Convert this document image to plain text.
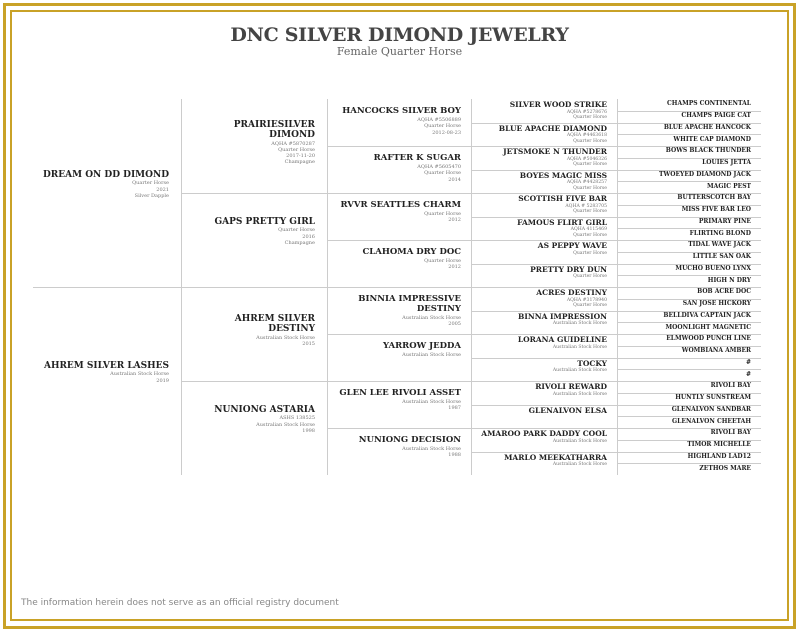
DNC SILVER DIMOND JEWELRY
Female Quarter Horse
DREAM ON DD DIMOND
Quarter Horse
2021
Silver Dapple
AHREM SILVER LASHES
Australian Stock Horse
2019
PRAIRIESILVER DIMOND
AQHA #5870287
Quarter Horse
2017-11-20
Champagne
GAPS PRETTY GIRL
Quarter Horse
2016
Champagne
AHREM SILVER DESTINY
Australian Stock Horse
2015
NUNIONG ASTARIA
ASHS 138525
Australian Stock Horse
1998
HANCOCKS SILVER BOY
AQHA #5506889
Quarter Horse
2012-08-23
RAFTER K SUGAR
AQHA #5605470
Quarter Horse
2014
RVVR SEATTLES CHARM
Quarter Horse
2012
CLAHOMA DRY DOC
Quarter Horse
2012
BINNIA IMPRESSIVE DESTINY
Australian Stock Horse
2005
YARROW JEDDA
Australian Stock Horse
GLEN LEE RIVOLI ASSET
Australian Stock Horse
1987
NUNIONG DECISION
Australian Stock Horse
1988
SILVER WOOD STRIKE
AQHA #5278676
Quarter Horse
BLUE APACHE DIAMOND
AQHA #4463618
Quarter Horse
JETSMOKE N THUNDER
AQHA #5046326
Quarter Horse
BOYES MAGIC MISS
AQHA #4428257
Quarter Horse
SCOTTISH FIVE BAR
AQHA # 5283705
Quarter Horse
FAMOUS FLIRT GIRL
AQHA 4115469
Quarter Horse
AS PEPPY WAVE
Quarter Horse
PRETTY DRY DUN
Quarter Horse
ACRES DESTINY
AQHA #3178940
Quarter Horse
BINNA IMPRESSION
Australian Stock Horse
LORANA GUIDELINE
Australian Stock Horse
TOCKY
Australian Stock Horse
RIVOLI REWARD
Australian Stock Horse
GLENALVON ELSA
AMAROO PARK DADDY COOL
Australian Stock Horse
MARLO MEEKATHARRA
Australian Stock Horse
CHAMPS CONTINENTAL
CHAMPS PAIGE CAT
BLUE APACHE HANCOCK
WHITE CAP DIAMOND
BOWS BLACK THUNDER
LOUIES JETTA
TWOEYED DIAMOND JACK
MAGIC PEST
BUTTERSCOTCH BAY
MISS FIVE BAR LEO
PRIMARY PINE
FLIRTING BLOND
TIDAL WAVE JACK
LITTLE SAN OAK
MUCHO BUENO LYNX
HIGH N DRY
BOB ACRE DOC
SAN JOSE HICKORY
BELLDIVA CAPTAIN JACK
MOONLIGHT MAGNETIC
ELMWOOD PUNCH LINE
WOMBIANA AMBER
#
#
RIVOLI BAY
HUNTLY SUNSTREAM
GLENALVON SANDBAR
GLENALVON CHEETAH
RIVOLI BAY
TIMOR MICHELLE
HIGHLAND LAD12
ZETHOS MARE
The information herein does not serve as an official registry document
